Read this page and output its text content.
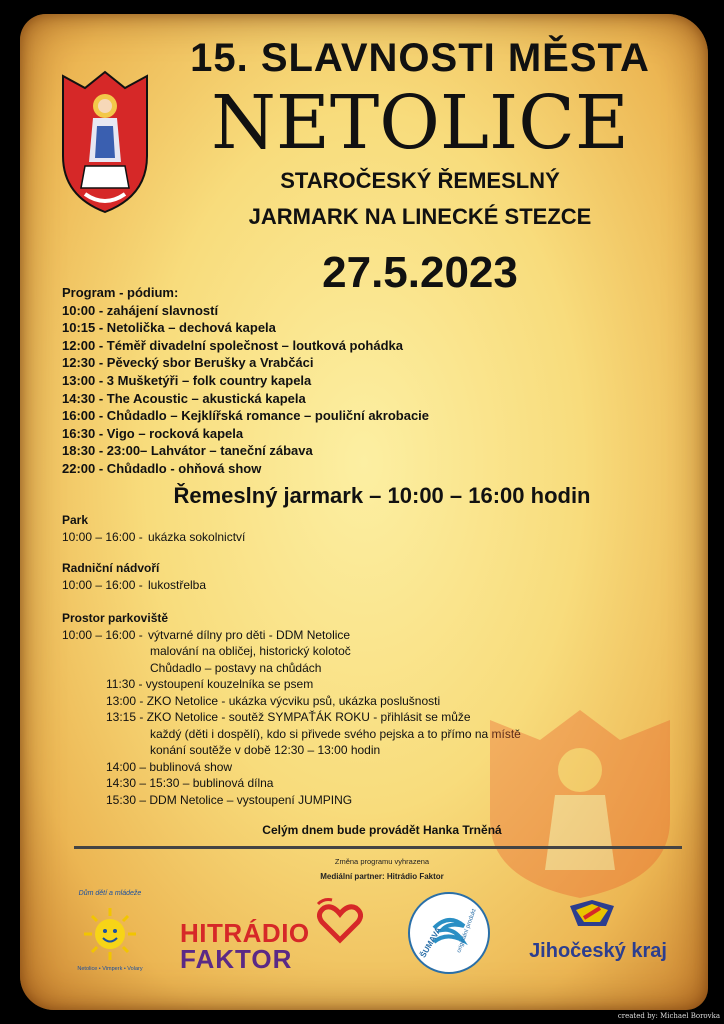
15. SLAVNOSTI MĚSTA
NETOLICE
STAROČESKÝ ŘEMESLNÝ
JARMARK NA LINECKÉ STEZCE
27.5.2023
Program - pódium:
10:00 - zahájení slavností
10:15 - Netolička – dechová kapela
12:00 - Téměř divadelní společnost – loutková pohádka
12:30 - Pěvecký sbor Berušky a Vrabčáci
13:00 - 3 Mušketýři – folk country kapela
14:30 - The Acoustic – akustická kapela
16:00 - Chůdadlo – Kejklířská romance – pouliční akrobacie
16:30 - Vigo – rocková kapela
18:30 - 23:00– Lahvátor – taneční zábava
22:00 - Chůdadlo - ohňová show
Řemeslný jarmark – 10:00 – 16:00 hodin
Park
10:00 – 16:00 - ukázka sokolnictví
Radniční nádvoří
10:00 – 16:00 - lukostřelba
Prostor parkoviště
10:00 – 16:00 - výtvarné dílny pro děti - DDM Netolice
malování na obličej, historický kolotoč
Chůdadlo – postavy na chůdách
11:30 - vystoupení kouzelníka se psem
13:00 - ZKO Netolice - ukázka výcviku psů, ukázka poslušnosti
13:15 - ZKO Netolice - soutěž SYMPAŤÁK ROKU - přihlásit se může
každý (děti i dospělí), kdo si přivede svého pejska a to přímo na místě
konání soutěže v době 12:30 – 13:00 hodin
14:00 – bublinová show
14:30 – 15:30 – bublinová dílna
15:30 – DDM Netolice – vystoupení JUMPING
Celým dnem bude provádět Hanka Trněná
Změna programu vyhrazena
Mediální partner: Hitrádio Faktor
Dům dětí a mládeže
Netolice • Vimperk • Volary
HITRÁDIO
FAKTOR	ŠUMAVA originální produkt	Jihočeský kraj
created by: Michael Borovka
